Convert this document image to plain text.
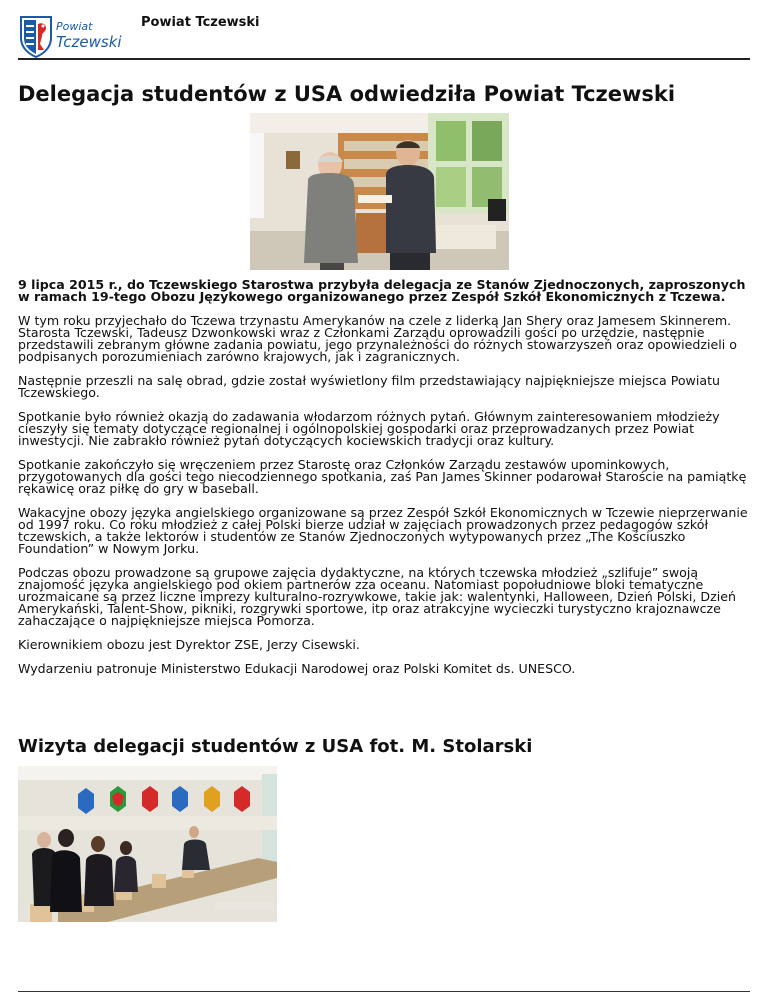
Powiat
Tczewski
Powiat Tczewski
Delegacja studentów z USA odwiedziła Powiat Tczewski

9 lipca 2015 r., do Tczewskiego Starostwa przybyła delegacja ze Stanów Zjednoczonych, zaproszonych w ramach 19-tego Obozu Językowego organizowanego przez Zespół Szkół Ekonomicznych z Tczewa.

W tym roku przyjechało do Tczewa trzynastu Amerykanów na czele z liderką Jan Shery oraz Jamesem Skinnerem. Starosta Tczewski, Tadeusz Dzwonkowski wraz z Członkami Zarządu oprowadzili gości po urzędzie, następnie przedstawili zebranym główne zadania powiatu, jego przynależności do różnych stowarzyszeń oraz opowiedzieli o podpisanych porozumieniach zarówno krajowych, jak i zagranicznych.

Następnie przeszli na salę obrad, gdzie został wyświetlony film przedstawiający najpiękniejsze miejsca Powiatu Tczewskiego.

Spotkanie było również okazją do zadawania włodarzom różnych pytań. Głównym zainteresowaniem młodzieży cieszyły się tematy dotyczące regionalnej i ogólnopolskiej gospodarki oraz przeprowadzanych przez Powiat inwestycji. Nie zabrakło również pytań dotyczących kociewskich tradycji oraz kultury.

Spotkanie zakończyło się wręczeniem przez Starostę oraz Członków Zarządu zestawów upominkowych, przygotowanych dla gości tego niecodziennego spotkania, zaś Pan James Skinner podarował Staroście na pamiątkę rękawicę oraz piłkę do gry w baseball.

Wakacyjne obozy języka angielskiego organizowane są przez Zespół Szkół Ekonomicznych w Tczewie nieprzerwanie od 1997 roku. Co roku młodzież z całej Polski bierze udział w zajęciach prowadzonych przez pedagogów szkół tczewskich, a także lektorów i studentów ze Stanów Zjednoczonych wytypowanych przez „The Kościuszko Foundation” w Nowym Jorku.

Podczas obozu prowadzone są grupowe zajęcia dydaktyczne, na których tczewska młodzież „szlifuje” swoją znajomość języka angielskiego pod okiem partnerów zza oceanu. Natomiast popołudniowe bloki tematyczne urozmaicane są przez liczne imprezy kulturalno-rozrywkowe, takie jak: walentynki, Halloween, Dzień Polski, Dzień Amerykański, Talent-Show, pikniki, rozgrywki sportowe, itp oraz atrakcyjne wycieczki turystyczno krajoznawcze zahaczające o najpiękniejsze miejsca Pomorza.

Kierownikiem obozu jest Dyrektor ZSE, Jerzy Cisewski.

Wydarzeniu patronuje Ministerstwo Edukacji Narodowej oraz Polski Komitet ds. UNESCO.

Wizyta delegacji studentów z USA fot. M. Stolarski
